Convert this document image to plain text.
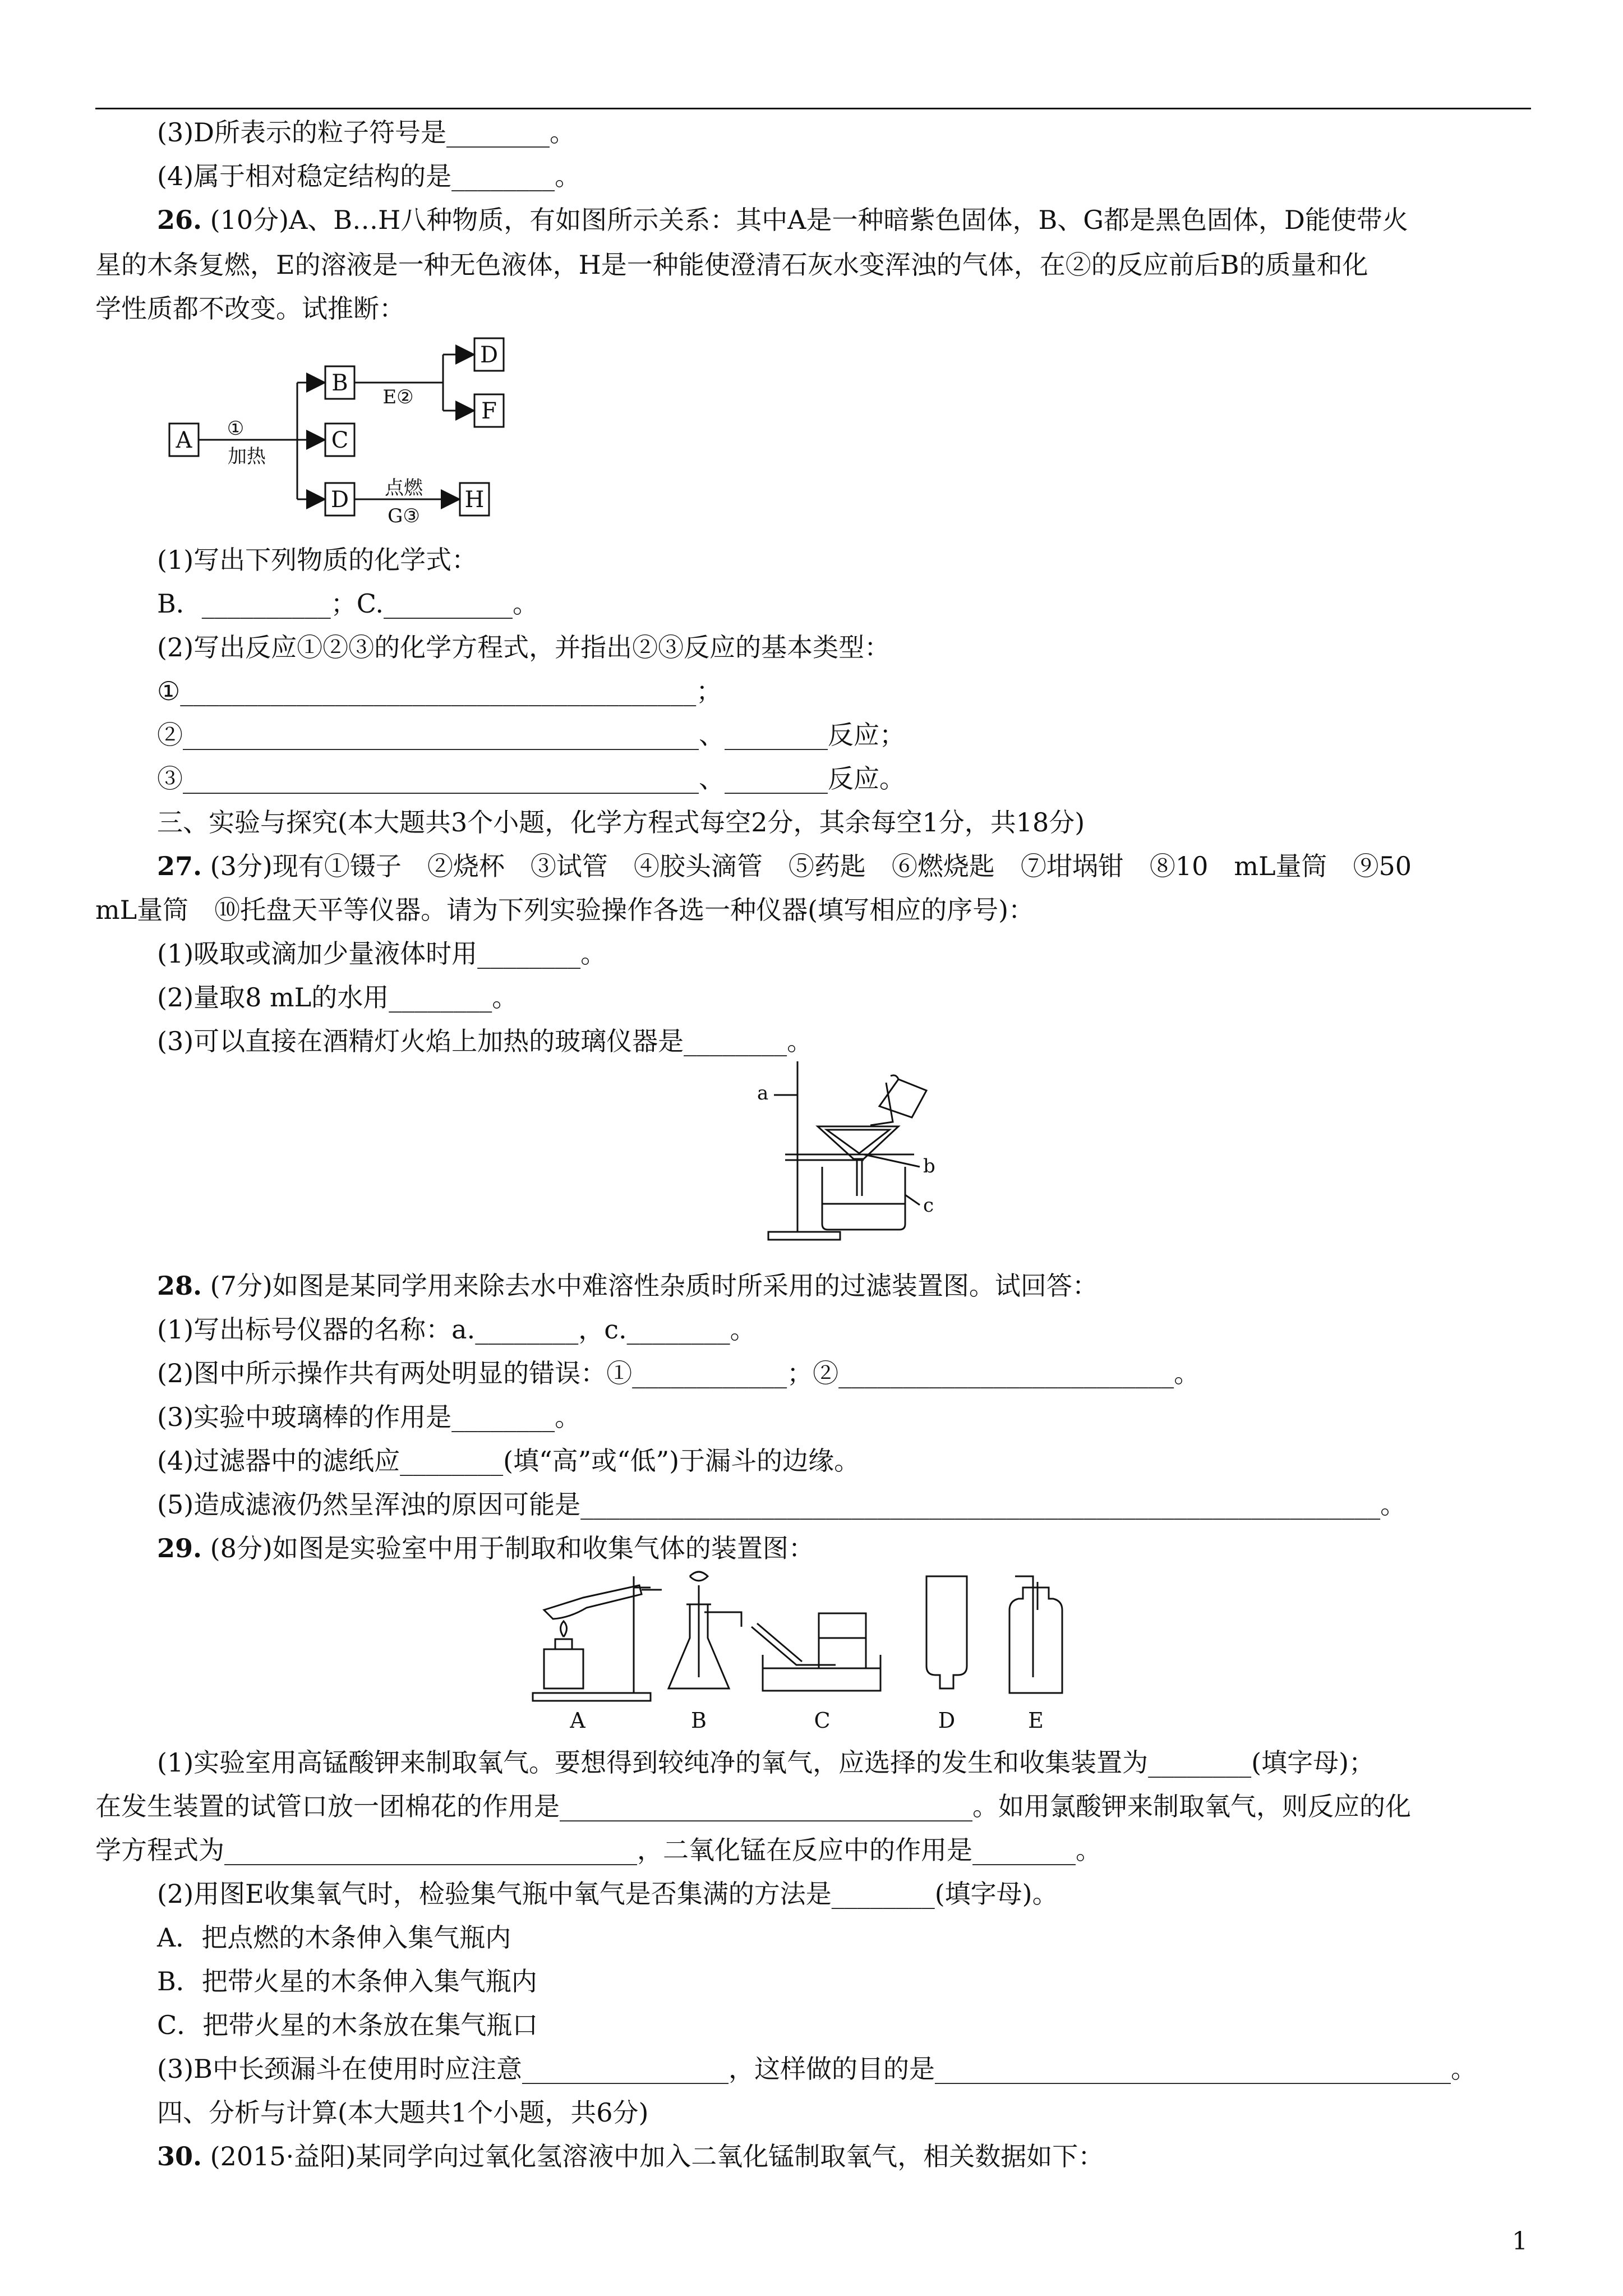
(3)D所表示的粒子符号是________。
(4)属于相对稳定结构的是________。
26. (10分)A、B…H八种物质，有如图所示关系：其中A是一种暗紫色固体，B、G都是黑色固体，D能使带火
星的木条复燃，E的溶液是一种无色液体，H是一种能使澄清石灰水变浑浊的气体，在②的反应前后B的质量和化
学性质都不改变。试推断：
A
B
C
D
D
F
H
①
加热
E②
点燃
G③
(1)写出下列物质的化学式：
B．__________；C.__________。
(2)写出反应①②③的化学方程式，并指出②③反应的基本类型：
①________________________________________；
②________________________________________、________反应；
③________________________________________、________反应。
三、实验与探究(本大题共3个小题，化学方程式每空2分，其余每空1分，共18分)
27. (3分)现有①镊子　②烧杯　③试管　④胶头滴管　⑤药匙　⑥燃烧匙　⑦坩埚钳　⑧10　mL量筒　⑨50
mL量筒　⑩托盘天平等仪器。请为下列实验操作各选一种仪器(填写相应的序号)：
(1)吸取或滴加少量液体时用________。
(2)量取8 mL的水用________。
(3)可以直接在酒精灯火焰上加热的玻璃仪器是________。
a
b
c
28. (7分)如图是某同学用来除去水中难溶性杂质时所采用的过滤装置图。试回答：
(1)写出标号仪器的名称：a.________，c.________。
(2)图中所示操作共有两处明显的错误：①____________；②__________________________。
(3)实验中玻璃棒的作用是________。
(4)过滤器中的滤纸应________(填“高”或“低”)于漏斗的边缘。
(5)造成滤液仍然呈浑浊的原因可能是______________________________________________________________。
29. (8分)如图是实验室中用于制取和收集气体的装置图：
A	B	C	D	E
(1)实验室用高锰酸钾来制取氧气。要想得到较纯净的氧气，应选择的发生和收集装置为________(填字母)；
在发生装置的试管口放一团棉花的作用是________________________________。如用氯酸钾来制取氧气，则反应的化
学方程式为________________________________，二氧化锰在反应中的作用是________。
(2)用图E收集氧气时，检验集气瓶中氧气是否集满的方法是________(填字母)。
A．把点燃的木条伸入集气瓶内
B．把带火星的木条伸入集气瓶内
C．把带火星的木条放在集气瓶口
(3)B中长颈漏斗在使用时应注意________________，这样做的目的是________________________________________。
四、分析与计算(本大题共1个小题，共6分)
30. (2015·益阳)某同学向过氧化氢溶液中加入二氧化锰制取氧气，相关数据如下：
1
